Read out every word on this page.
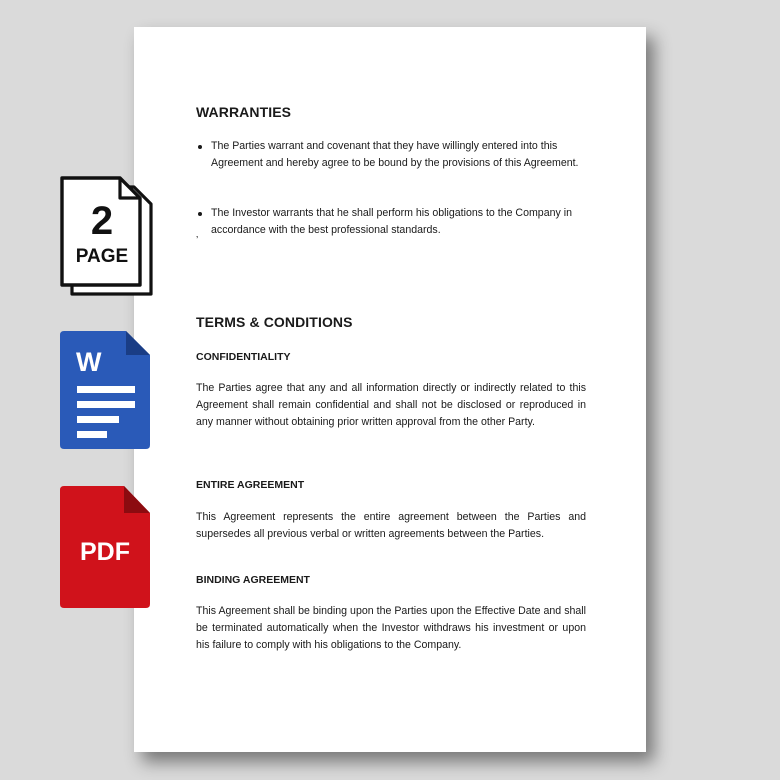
WARRANTIES
The Parties warrant and covenant that they have willingly entered into this Agreement and hereby agree to be bound by the provisions of this Agreement.
The Investor warrants that he shall perform his obligations to the Company in accordance with the best professional standards.
’
TERMS & CONDITIONS
CONFIDENTIALITY
The Parties agree that any and all information directly or indirectly related to this Agreement shall remain confidential and shall not be disclosed or reproduced in any manner without obtaining prior written approval from the other Party.
ENTIRE AGREEMENT
This Agreement represents the entire agreement between the Parties and supersedes all previous verbal or written agreements between the Parties.
BINDING AGREEMENT
This Agreement shall be binding upon the Parties upon the Effective Date and shall be terminated automatically when the Investor withdraws his investment or upon his failure to comply with his obligations to the Company.
2
PAGE
W
PDF
